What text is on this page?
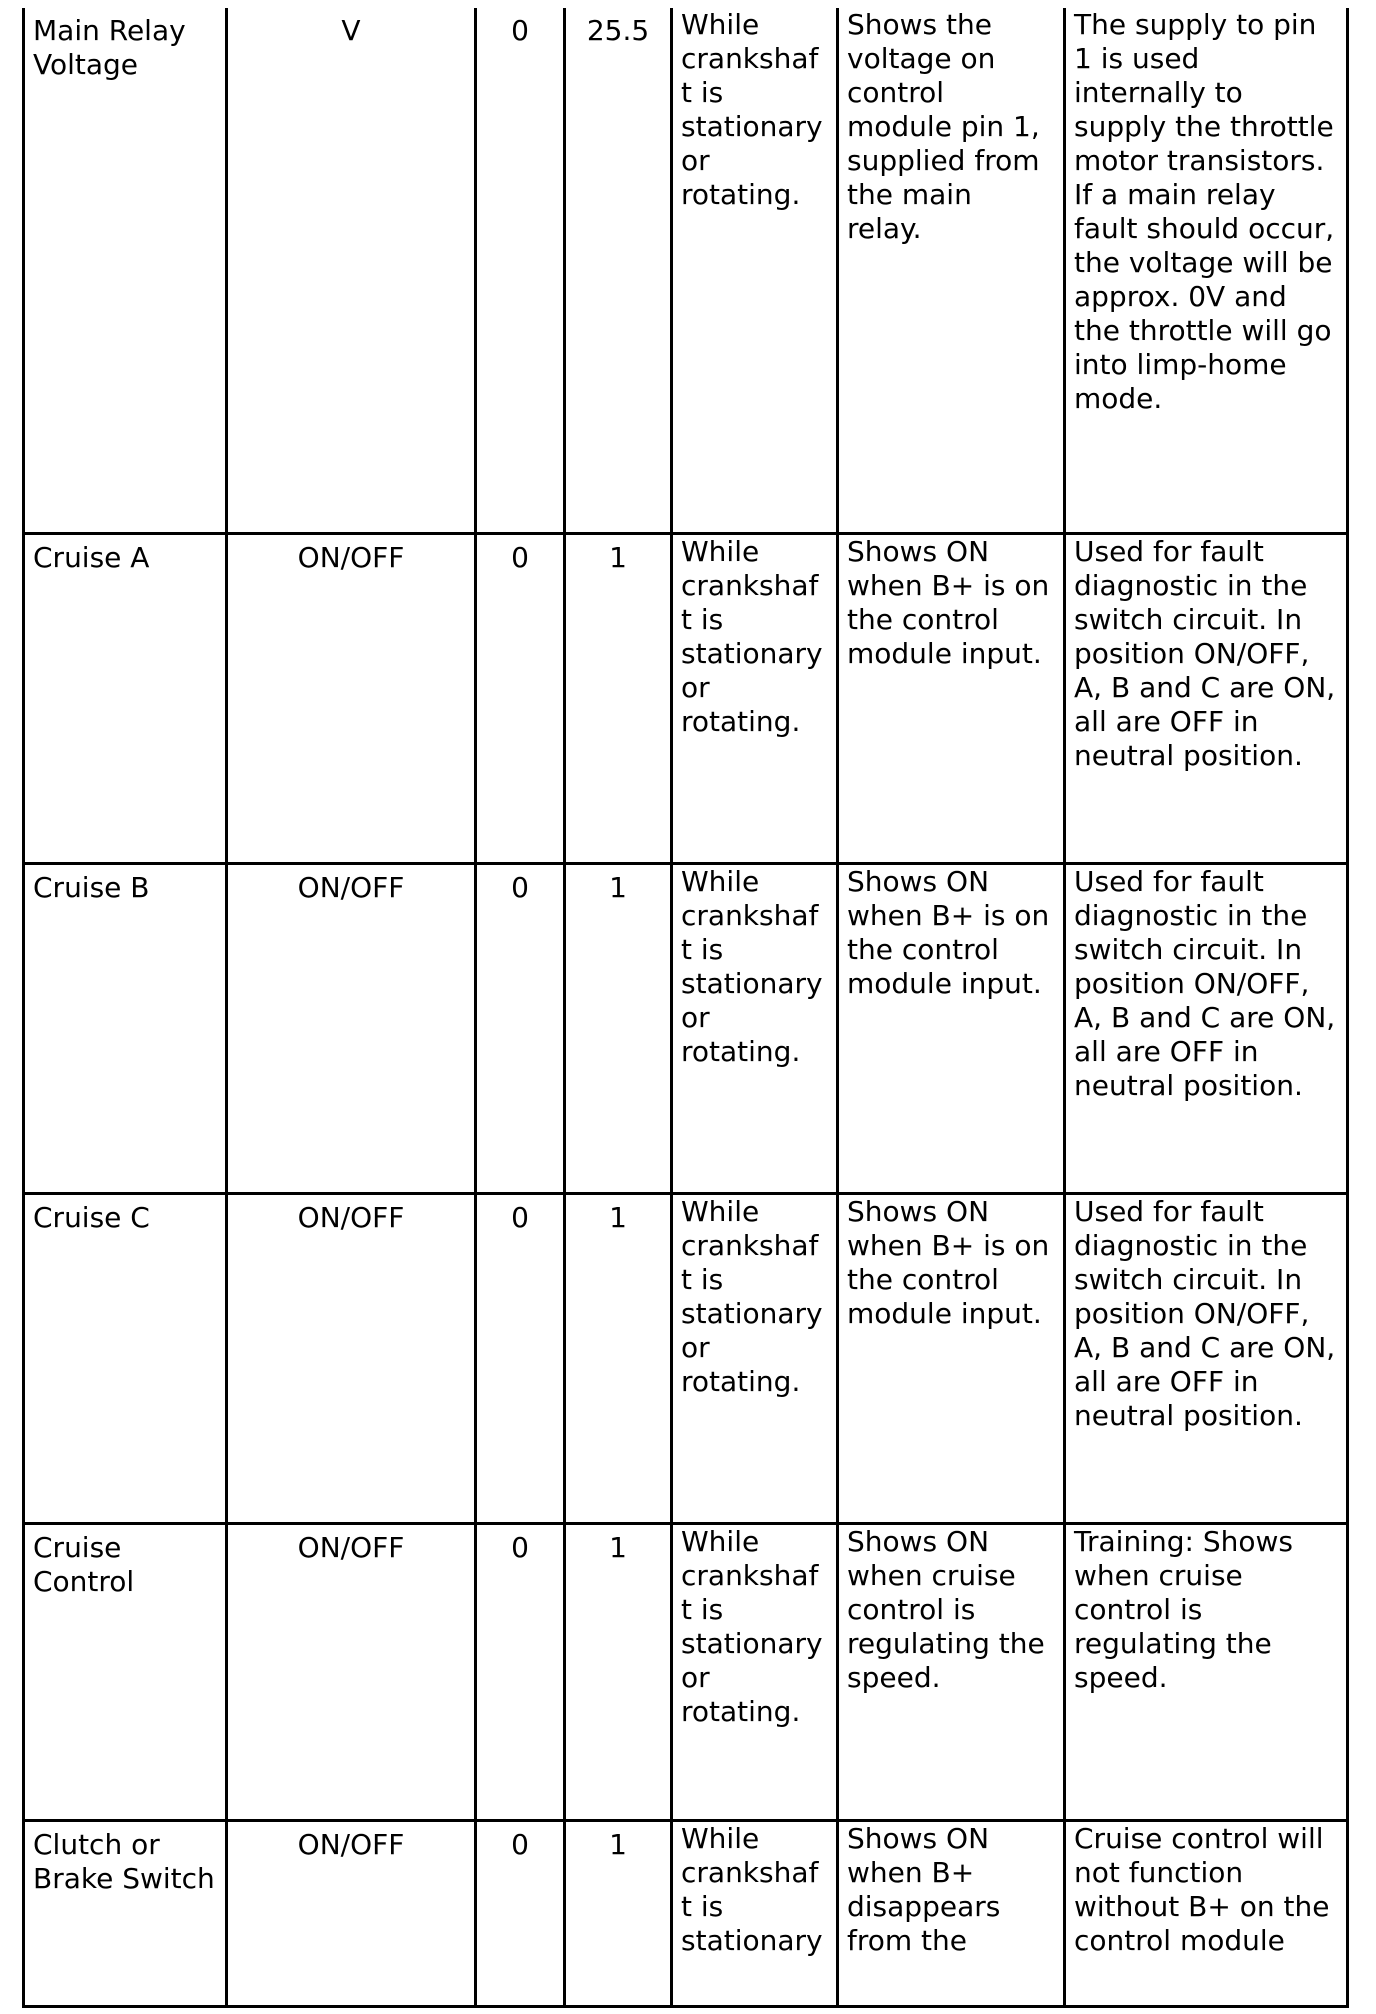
Main Relay Voltage	V	0	25.5	While crankshaft is stationary or rotating.	Shows the voltage on control module pin 1, supplied from the main relay.	The supply to pin 1 is used internally to supply the throttle motor transistors. If a main relay fault should occur, the voltage will be approx. 0V and the throttle will go into limp-home mode.
Cruise A	ON/OFF	0	1	While crankshaft is stationary or rotating.	Shows ON when B+ is on the control module input.	Used for fault diagnostic in the switch circuit. In position ON/OFF, A, B and C are ON, all are OFF in neutral position.
Cruise B	ON/OFF	0	1	While crankshaft is stationary or rotating.	Shows ON when B+ is on the control module input.	Used for fault diagnostic in the switch circuit. In position ON/OFF, A, B and C are ON, all are OFF in neutral position.
Cruise C	ON/OFF	0	1	While crankshaft is stationary or rotating.	Shows ON when B+ is on the control module input.	Used for fault diagnostic in the switch circuit. In position ON/OFF, A, B and C are ON, all are OFF in neutral position.
Cruise Control	ON/OFF	0	1	While crankshaft is stationary or rotating.	Shows ON when cruise control is regulating the speed.	Training: Shows when cruise control is regulating the speed.
Clutch or Brake Switch	ON/OFF	0	1	While crankshaft is stationary	Shows ON when B+ disappears from the	Cruise control will not function without B+ on the control module
